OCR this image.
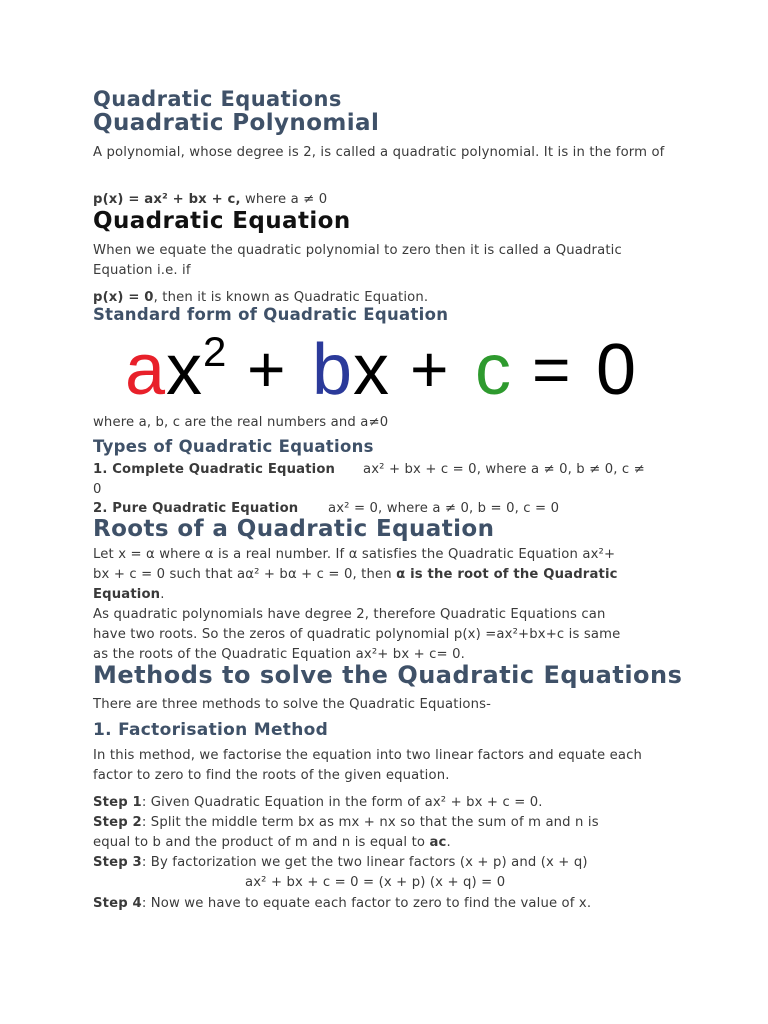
Quadratic Equations
Quadratic Polynomial
A polynomial, whose degree is 2, is called a quadratic polynomial. It is in the form of
p(x) = ax² + bx + c, where a ≠ 0
Quadratic Equation
When we equate the quadratic polynomial to zero then it is called a Quadratic Equation i.e. if
p(x) = 0, then it is known as Quadratic Equation.
Standard form of Quadratic Equation
a x 2 + b x + c = 0
where a, b, c are the real numbers and a≠0
Types of Quadratic Equations
1. Complete Quadratic Equation ax² + bx + c = 0, where a ≠ 0, b ≠ 0, c ≠
0
2. Pure Quadratic Equation ax² = 0, where a ≠ 0, b = 0, c = 0
Roots of a Quadratic Equation
Let x = α where α is a real number. If α satisfies the Quadratic Equation ax²+
bx + c = 0 such that aα² + bα + c = 0, then α is the root of the Quadratic
Equation.
As quadratic polynomials have degree 2, therefore Quadratic Equations can
have two roots. So the zeros of quadratic polynomial p(x) =ax²+bx+c is same
as the roots of the Quadratic Equation ax²+ bx + c= 0.
Methods to solve the Quadratic Equations
There are three methods to solve the Quadratic Equations-
1. Factorisation Method
In this method, we factorise the equation into two linear factors and equate each factor to zero to find the roots of the given equation.
Step 1: Given Quadratic Equation in the form of ax² + bx + c = 0.
Step 2: Split the middle term bx as mx + nx so that the sum of m and n is
equal to b and the product of m and n is equal to ac.
Step 3: By factorization we get the two linear factors (x + p) and (x + q)
ax² + bx + c = 0 = (x + p) (x + q) = 0
Step 4: Now we have to equate each factor to zero to find the value of x.
